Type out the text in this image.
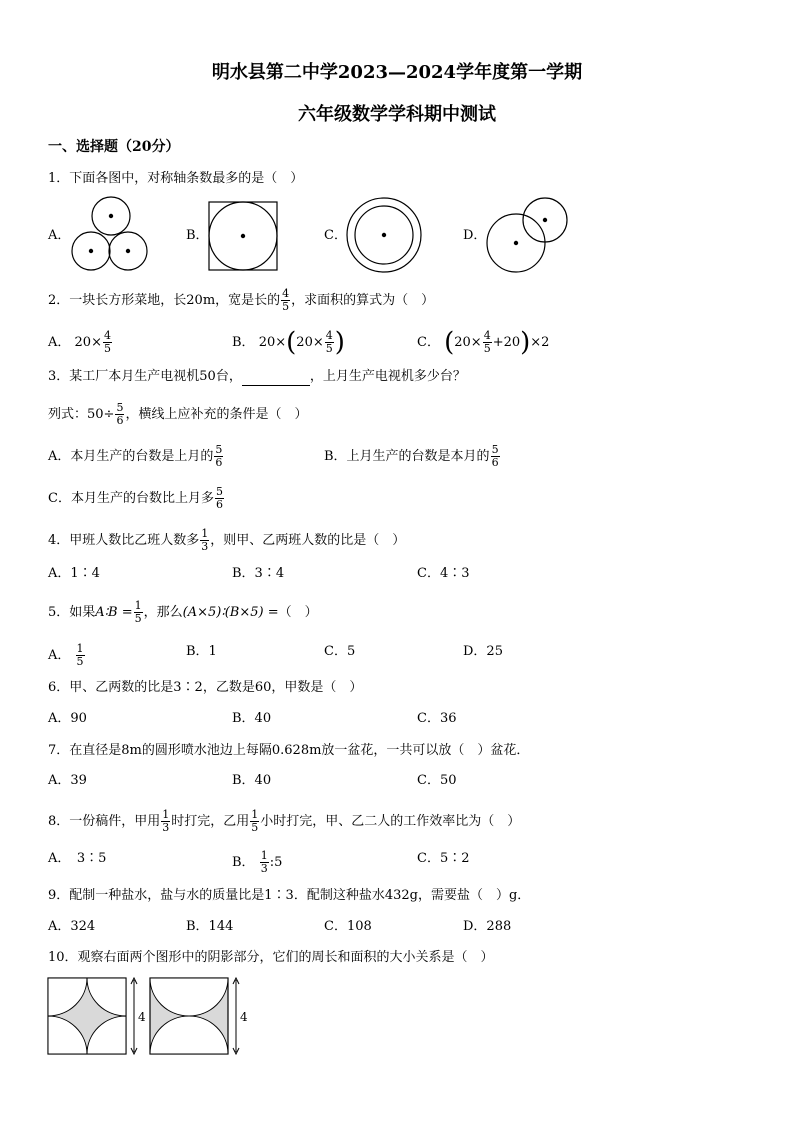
明水县第二中学2023—2024学年度第一学期
六年级数学学科期中测试
一、选择题（20分）
1．下面各图中，对称轴条数最多的是（　）
A．	B．	C．	D．
2．一块长方形菜地，长20m，宽是长的 $\frac{4}{5}$ ，求面积的算式为（　）
A． $20\times \frac{4}{5}$	B． $20\times(20\times \frac{4}{5}$ )	C． $(20\times \frac{4}{5} +20)\times 2$
3．某工厂本月生产电视机50台，	，上月生产电视机多少台？
列式：$50\div \frac{5}{6}$ ，横线上应补充的条件是（　）
A．本月生产的台数是上月的 $\frac{5}{6}$	B．上月生产的台数是本月的 $\frac{5}{6}$
C．本月生产的台数比上月多 $\frac{5}{6}$
4．甲班人数比乙班人数多 $\frac{1}{3}$ ，则甲、乙两班人数的比是（　）
A．1∶4	B．3∶4	C．4∶3
5．如果A∶B = $\frac{1}{5}$ ，那么(A×5)∶(B×5) =（　）
A． $\frac{1}{5}$	B．1	C．5	D．25
6．甲、乙两数的比是3∶2，乙数是60，甲数是（　）
A．90	B．40	C．36
7．在直径是8m的圆形喷水池边上每隔0.628m放一盆花，一共可以放（　）盆花．
A．39	B．40	C．50
8．一份稿件，甲用 $\frac{1}{3}$ 时打完，乙用 $\frac{1}{5}$ 小时打完，甲、乙二人的工作效率比为（　）
A．　3∶5	B． $\frac{1}{3}$ :5	C．5∶2
9．配制一种盐水，盐与水的质量比是1∶3．配制这种盐水432g，需要盐（　）g．
A．324	B．144	C．108	D．288
10．观察右面两个图形中的阴影部分，它们的周长和面积的大小关系是（　）
4	4
